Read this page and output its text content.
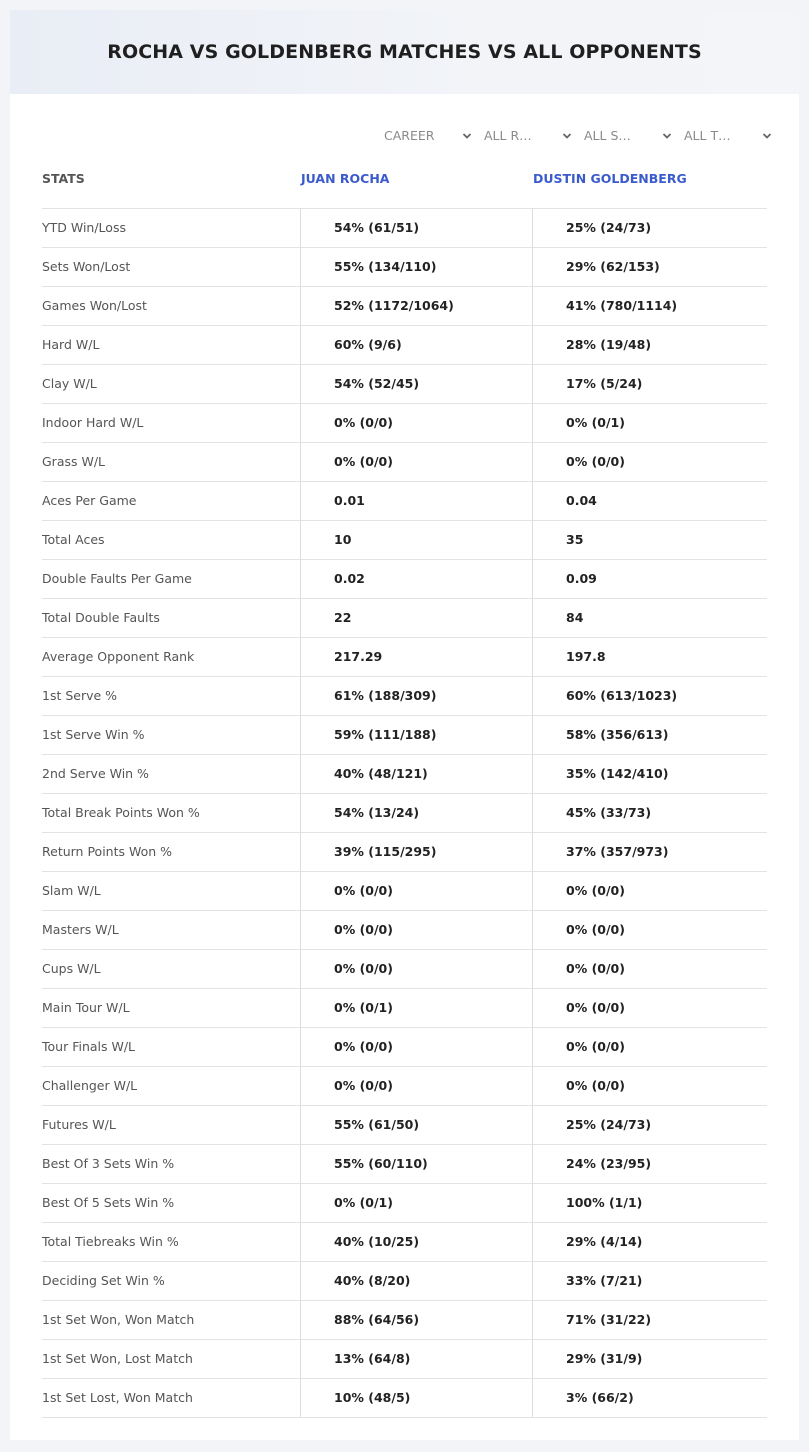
ROCHA VS GOLDENBERG MATCHES VS ALL OPPONENTS
CAREER	ALL R…	ALL S…	ALL T…
STATS	JUAN ROCHA	DUSTIN GOLDENBERG
YTD Win/Loss	54% (61/51)	25% (24/73)
Sets Won/Lost	55% (134/110)	29% (62/153)
Games Won/Lost	52% (1172/1064)	41% (780/1114)
Hard W/L	60% (9/6)	28% (19/48)
Clay W/L	54% (52/45)	17% (5/24)
Indoor Hard W/L	0% (0/0)	0% (0/1)
Grass W/L	0% (0/0)	0% (0/0)
Aces Per Game	0.01	0.04
Total Aces	10	35
Double Faults Per Game	0.02	0.09
Total Double Faults	22	84
Average Opponent Rank	217.29	197.8
1st Serve %	61% (188/309)	60% (613/1023)
1st Serve Win %	59% (111/188)	58% (356/613)
2nd Serve Win %	40% (48/121)	35% (142/410)
Total Break Points Won %	54% (13/24)	45% (33/73)
Return Points Won %	39% (115/295)	37% (357/973)
Slam W/L	0% (0/0)	0% (0/0)
Masters W/L	0% (0/0)	0% (0/0)
Cups W/L	0% (0/0)	0% (0/0)
Main Tour W/L	0% (0/1)	0% (0/0)
Tour Finals W/L	0% (0/0)	0% (0/0)
Challenger W/L	0% (0/0)	0% (0/0)
Futures W/L	55% (61/50)	25% (24/73)
Best Of 3 Sets Win %	55% (60/110)	24% (23/95)
Best Of 5 Sets Win %	0% (0/1)	100% (1/1)
Total Tiebreaks Win %	40% (10/25)	29% (4/14)
Deciding Set Win %	40% (8/20)	33% (7/21)
1st Set Won, Won Match	88% (64/56)	71% (31/22)
1st Set Won, Lost Match	13% (64/8)	29% (31/9)
1st Set Lost, Won Match	10% (48/5)	3% (66/2)
